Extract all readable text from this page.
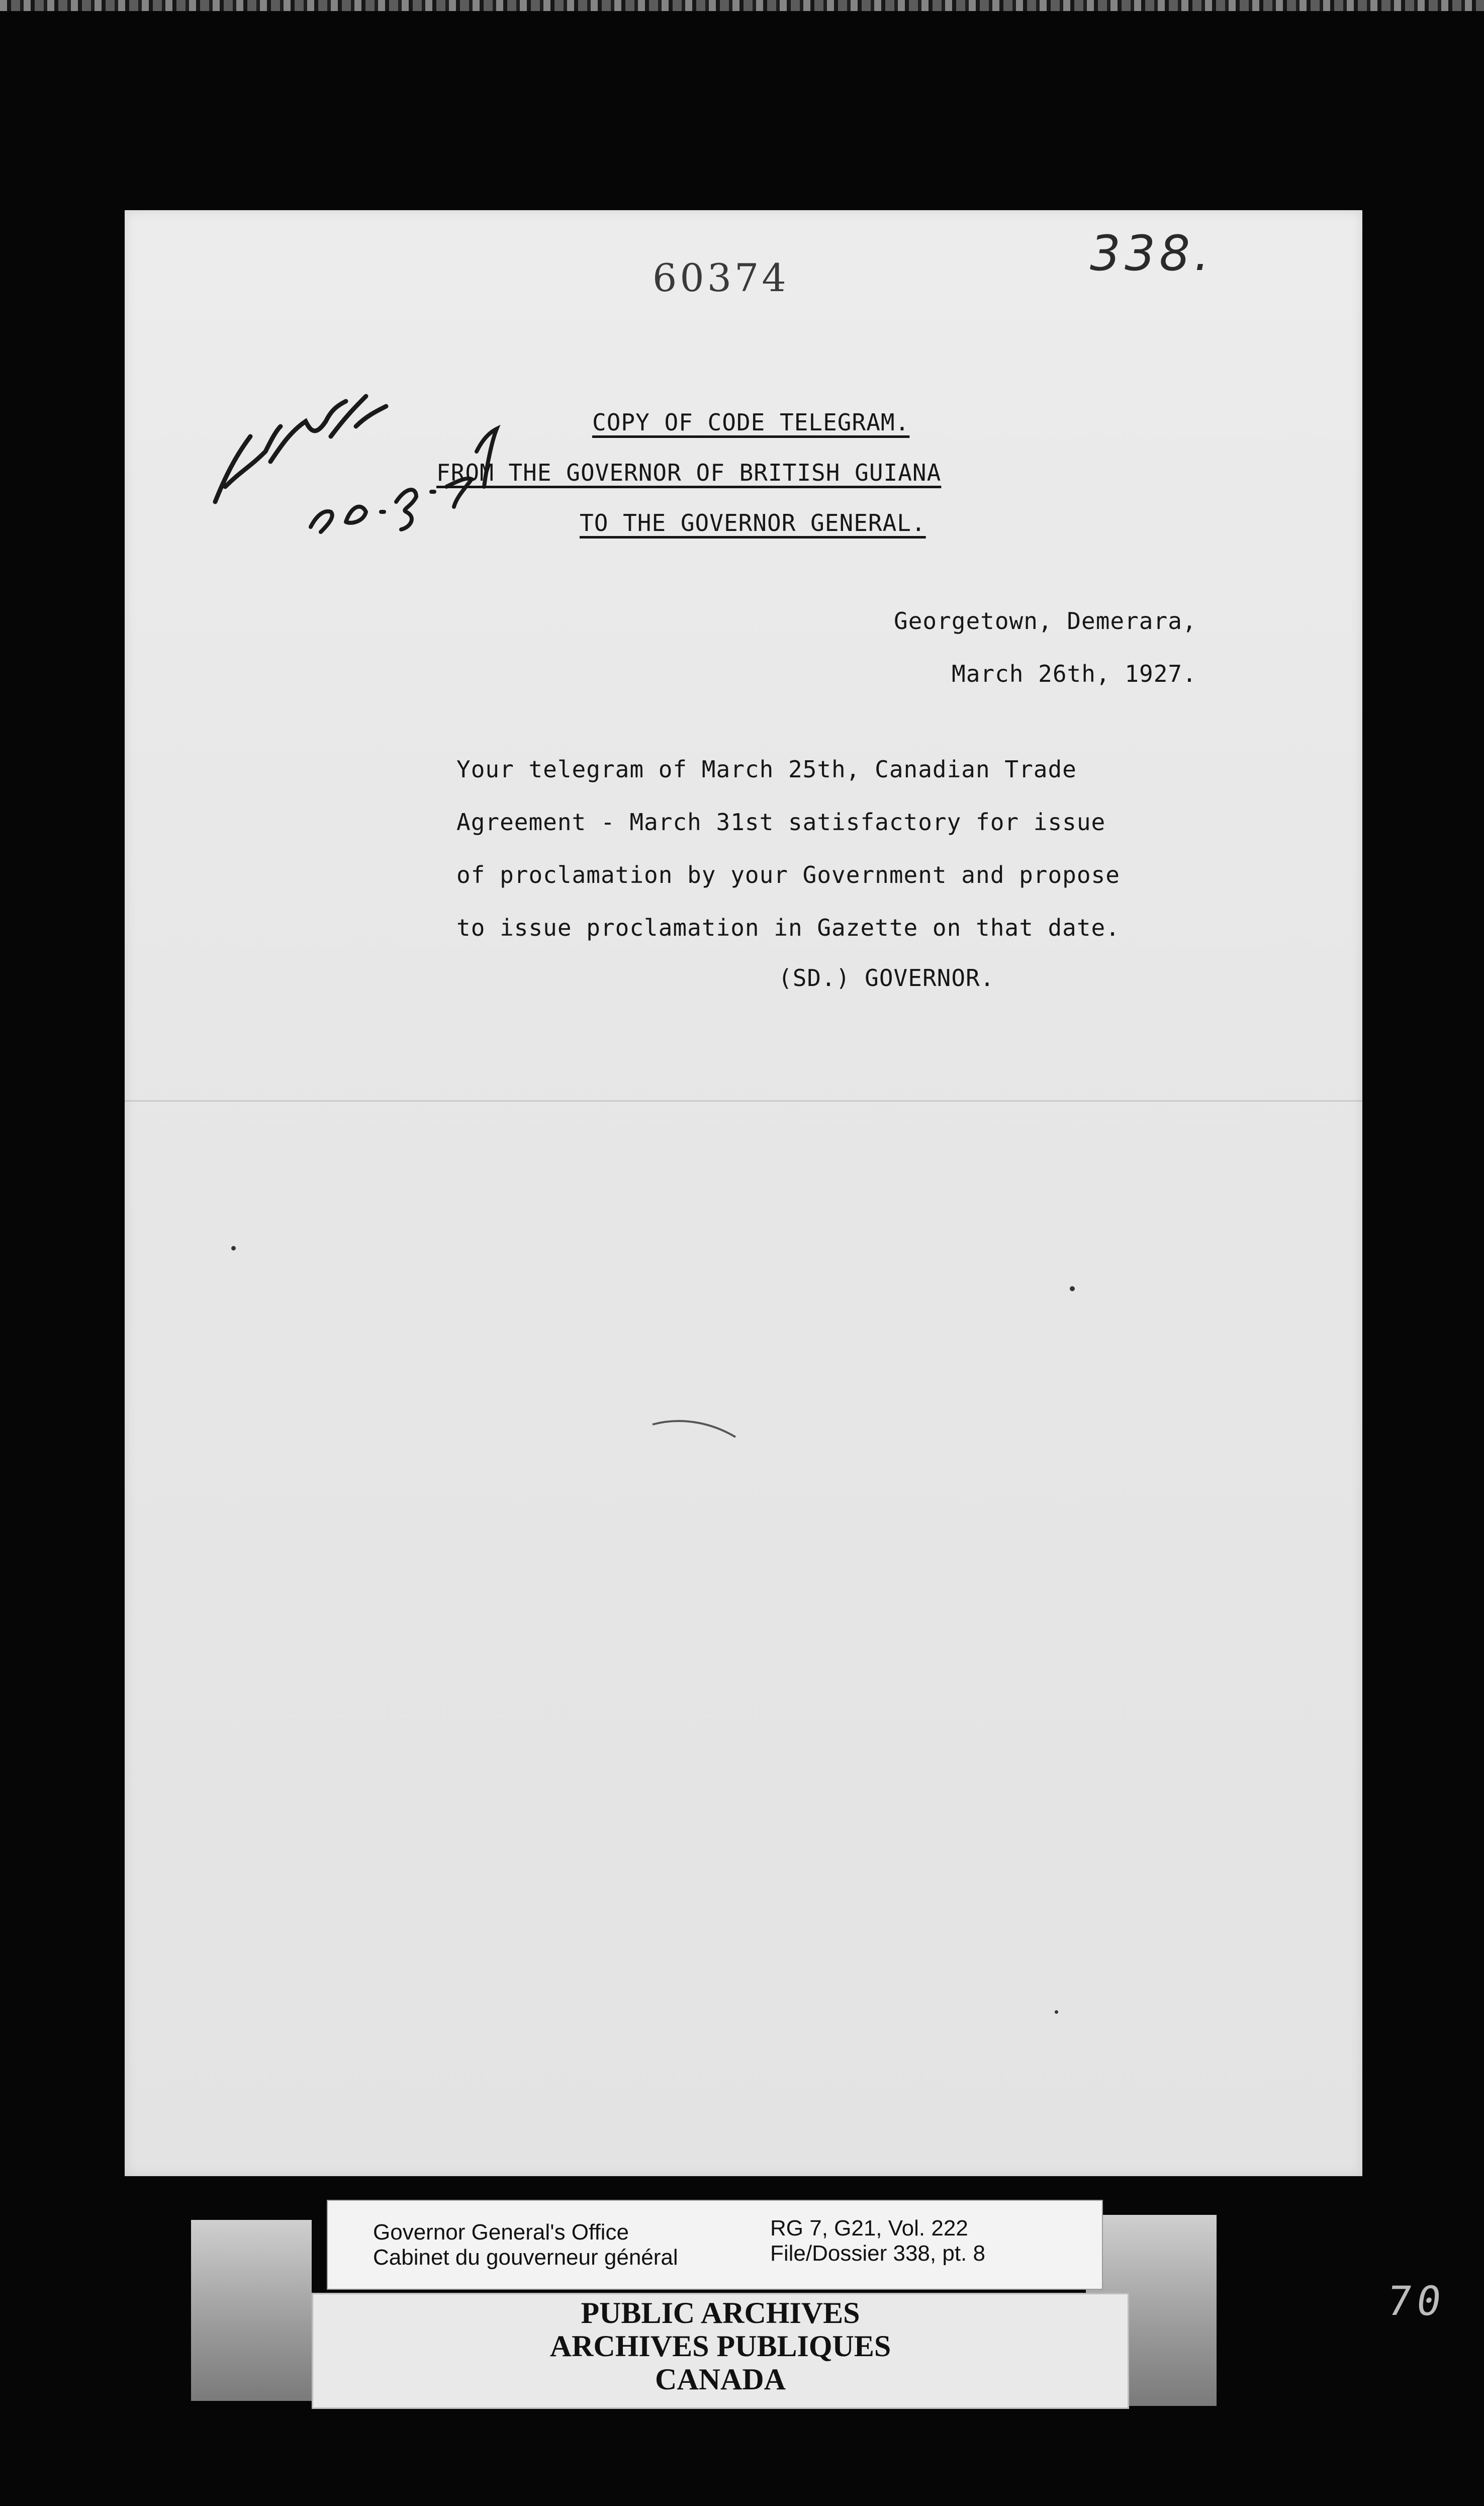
60374	338.
COPY OF CODE TELEGRAM.
FROM THE GOVERNOR OF BRITISH GUIANA
TO THE GOVERNOR GENERAL.
Georgetown, Demerara,
March 26th, 1927.
Your telegram of March 25th, Canadian Trade
Agreement - March 31st satisfactory for issue
of proclamation by your Government and propose
to issue proclamation in Gazette on that date.
(SD.) GOVERNOR.
Governor General's Office
Cabinet du gouverneur général
RG 7, G21, Vol. 222
File/Dossier 338, pt. 8
PUBLIC ARCHIVES
ARCHIVES PUBLIQUES
CANADA
70
